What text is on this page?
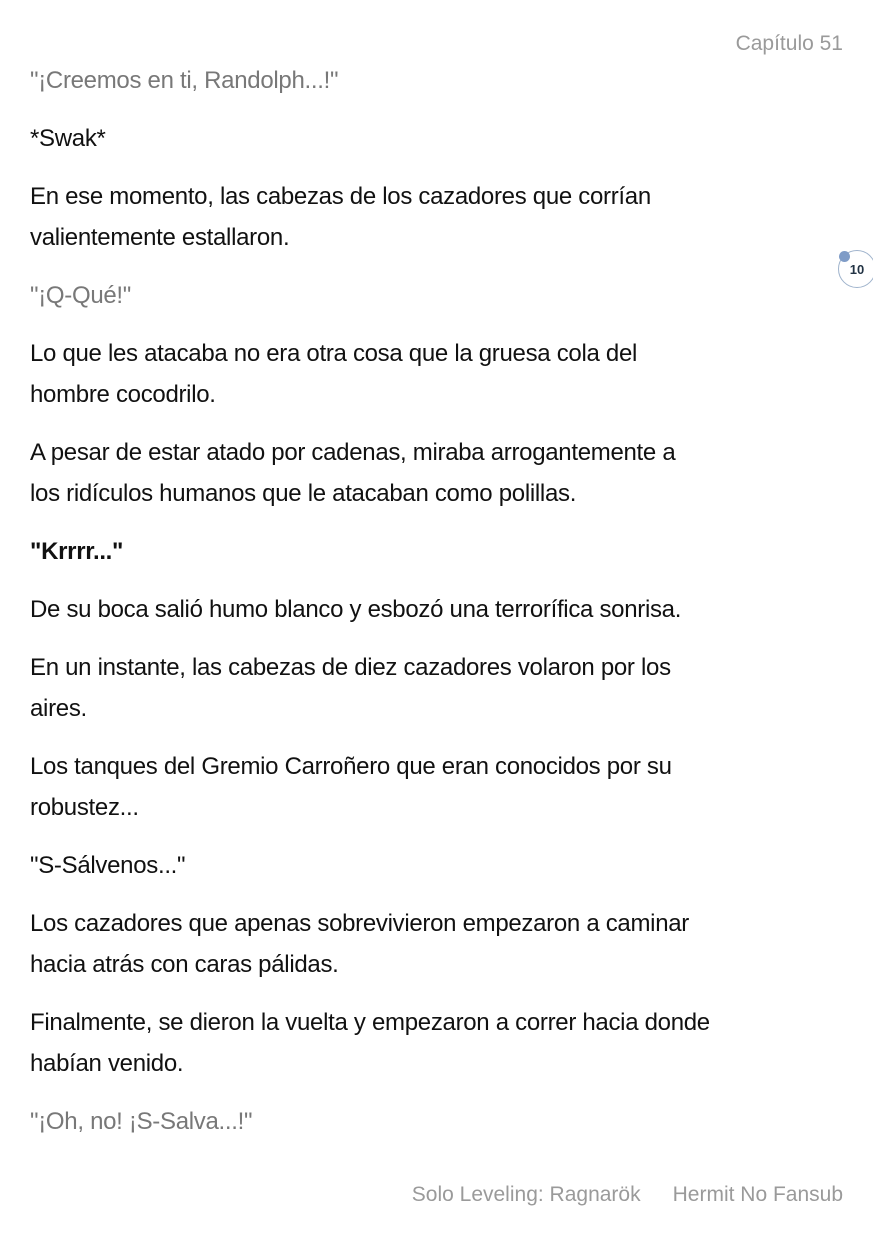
Capítulo 51

"¡Creemos en ti, Randolph...!"

*Swak*

En ese momento, las cabezas de los cazadores que corrían
valientemente estallaron.

"¡Q-Qué!"

Lo que les atacaba no era otra cosa que la gruesa cola del
hombre cocodrilo.

A pesar de estar atado por cadenas, miraba arrogantemente a
los ridículos humanos que le atacaban como polillas.

"Krrrr..."

De su boca salió humo blanco y esbozó una terrorífica sonrisa.

En un instante, las cabezas de diez cazadores volaron por los
aires.

Los tanques del Gremio Carroñero que eran conocidos por su
robustez...

"S-Sálvenos..."

Los cazadores que apenas sobrevivieron empezaron a caminar
hacia atrás con caras pálidas.

Finalmente, se dieron la vuelta y empezaron a correr hacia donde
habían venido.

"¡Oh, no! ¡S-Salva...!"

10
Solo Leveling: Ragnarök Hermit No Fansub
